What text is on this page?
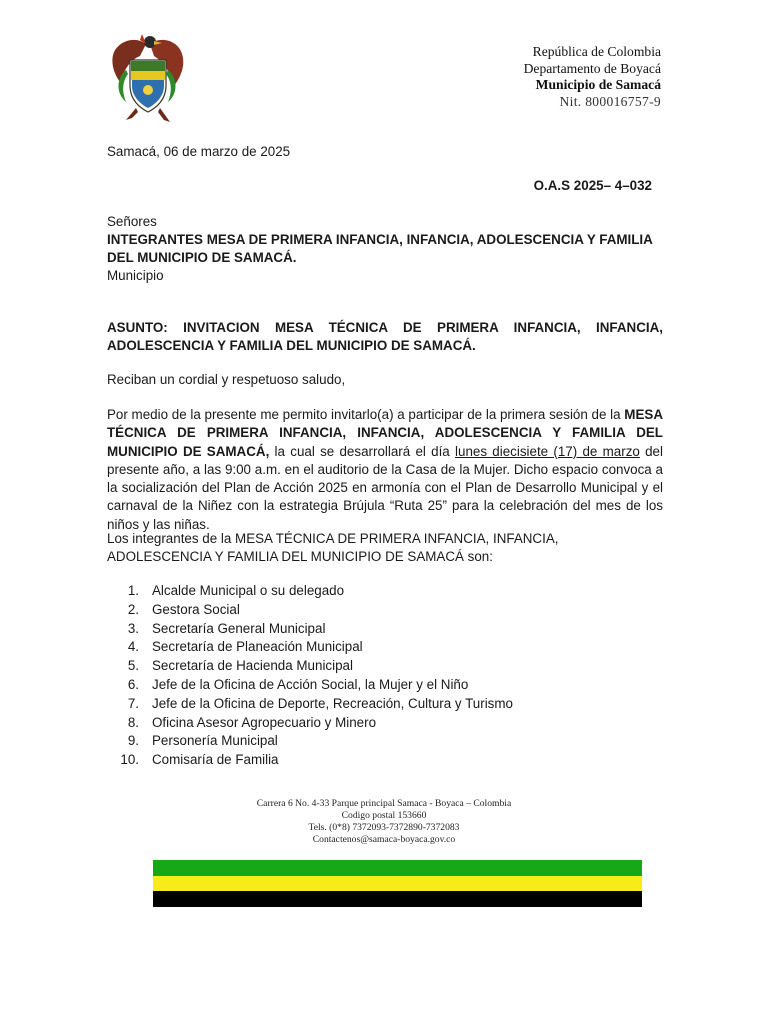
República de Colombia
Departamento de Boyacá
Municipio de Samacá
Nit. 800016757-9
Samacá, 06 de marzo de 2025
O.A.S 2025– 4–032
Señores
INTEGRANTES MESA DE PRIMERA INFANCIA, INFANCIA, ADOLESCENCIA Y FAMILIA DEL MUNICIPIO DE SAMACÁ.
Municipio
ASUNTO: INVITACION MESA TÉCNICA DE PRIMERA INFANCIA, INFANCIA, ADOLESCENCIA Y FAMILIA DEL MUNICIPIO DE SAMACÁ.
Reciban un cordial y respetuoso saludo,
Por medio de la presente me permito invitarlo(a) a participar de la primera sesión de la MESA TÉCNICA DE PRIMERA INFANCIA, INFANCIA, ADOLESCENCIA Y FAMILIA DEL MUNICIPIO DE SAMACÁ, la cual se desarrollará el día lunes diecisiete (17) de marzo del presente año, a las 9:00 a.m. en el auditorio de la Casa de la Mujer. Dicho espacio convoca a la socialización del Plan de Acción 2025 en armonía con el Plan de Desarrollo Municipal y el carnaval de la Niñez con la estrategia Brújula “Ruta 25” para la celebración del mes de los niños y las niñas.
Los integrantes de la MESA TÉCNICA DE PRIMERA INFANCIA, INFANCIA, ADOLESCENCIA Y FAMILIA DEL MUNICIPIO DE SAMACÁ son:
1. Alcalde Municipal o su delegado
2. Gestora Social
3. Secretaría General Municipal
4. Secretaría de Planeación Municipal
5. Secretaría de Hacienda Municipal
6. Jefe de la Oficina de Acción Social, la Mujer y el Niño
7. Jefe de la Oficina de Deporte, Recreación, Cultura y Turismo
8. Oficina Asesor Agropecuario y Minero
9. Personería Municipal
10. Comisaría de Familia
Carrera 6 No. 4-33 Parque principal Samaca - Boyaca – Colombia
Codigo postal 153660
Tels. (0*8) 7372093-7372890-7372083
Contactenos@samaca-boyaca.gov.co
